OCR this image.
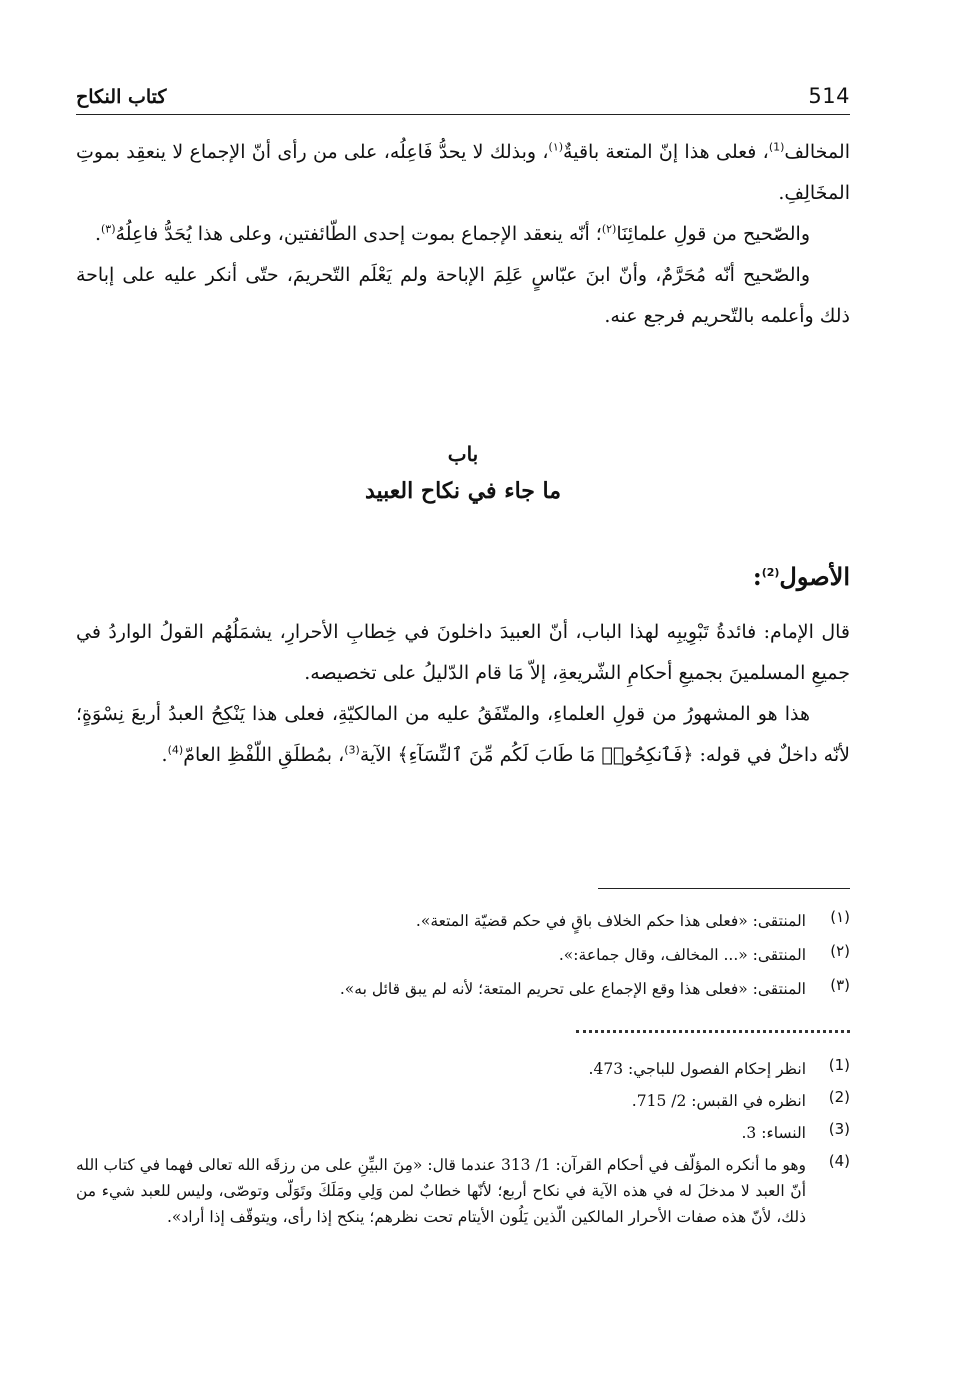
كتاب النكاح	514

المخالف$^{(1)}$، فعلى هذا إنّ المتعة باقيةٌ$^{(١)}$، وبذلك لا يحدُّ فَاعِلُه، على من رأى أنّ الإجماع لا ينعقِد بموتِ المخَالِفِ.

والصّحيح من قولِ علمائِنَا$^{(٢)}$؛ أنّه ينعقد الإجماع بموت إحدى الطّائفتين، وعلى هذا يُحَدُّ فاعِلُهُ$^{(٣)}$.

والصّحيح أنّه مُحَرَّمٌ، وأنّ ابنَ عبّاسٍ عَلِمَ الإباحة ولم يَعْلَم التّحريمَ، حتّى أنكر عليه على إباحة ذلك وأعلمه بالتّحريم فرجع عنه.

باب
ما جاء في نكاح العبيد
الأصول$^{(2)}$:

قال الإمام: فائدةُ تَبْوِيبِه لهذا الباب، أنّ العبيدَ داخلونَ في خِطابِ الأحرارِ، يشمَلُهُم القولُ الواردُ في جميعِ المسلمينَ بجميعِ أحكامِ الشّريعةِ، إلاّ مَا قام الدّليلُ على تخصيصه.

هذا هو المشهورُ من قولِ العلماءِ، والمتّفَقُ عليه من المالكيّةِ، فعلى هذا يَنْكِحُ العبدُ أربعَ نِسْوَةٍ؛ لأنّه داخلٌ في قوله: ﴿فَٱنكِحُوا۟ مَا طَابَ لَكُم مِّنَ ٱلنِّسَآءِ﴾ الآية$^{(3)}$، بمُطلَقِ اللّفْظِ العامّ$^{(4)}$.

(١)
المنتقى: «فعلى هذا حكم الخلاف باقٍ في حكم قضيّة المتعة».
(٢)
المنتقى: «... المخالف، وقال جماعة:».
(٣)
المنتقى: «فعلى هذا وقع الإجماع على تحريم المتعة؛ لأنه لم يبق قائل به».
(1)
انظر إحكام الفصول للباجي: 473.
(2)
انظره في القبس: 2/ 715.
(3)
النساء: 3.
(4)
وهو ما أنكره المؤلّف في أحكام القرآن: 1/ 313 عندما قال: «مِنَ البيِّنِ على من رزقَه الله تعالى فهما في كتاب الله أنّ العبد لا مدخلَ له في هذه الآية في نكاح أربع؛ لأنّها خطابٌ لمن وَلِي ومَلَكَ وتَوَلّى وتوصّى، وليس للعبد شيء من ذلك، لأنّ هذه صفات الأحرار المالكين الّذين يَلُون الأيتام تحت نظرهم؛ ينكح إذا رأى، ويتوقّف إذا أراد».
